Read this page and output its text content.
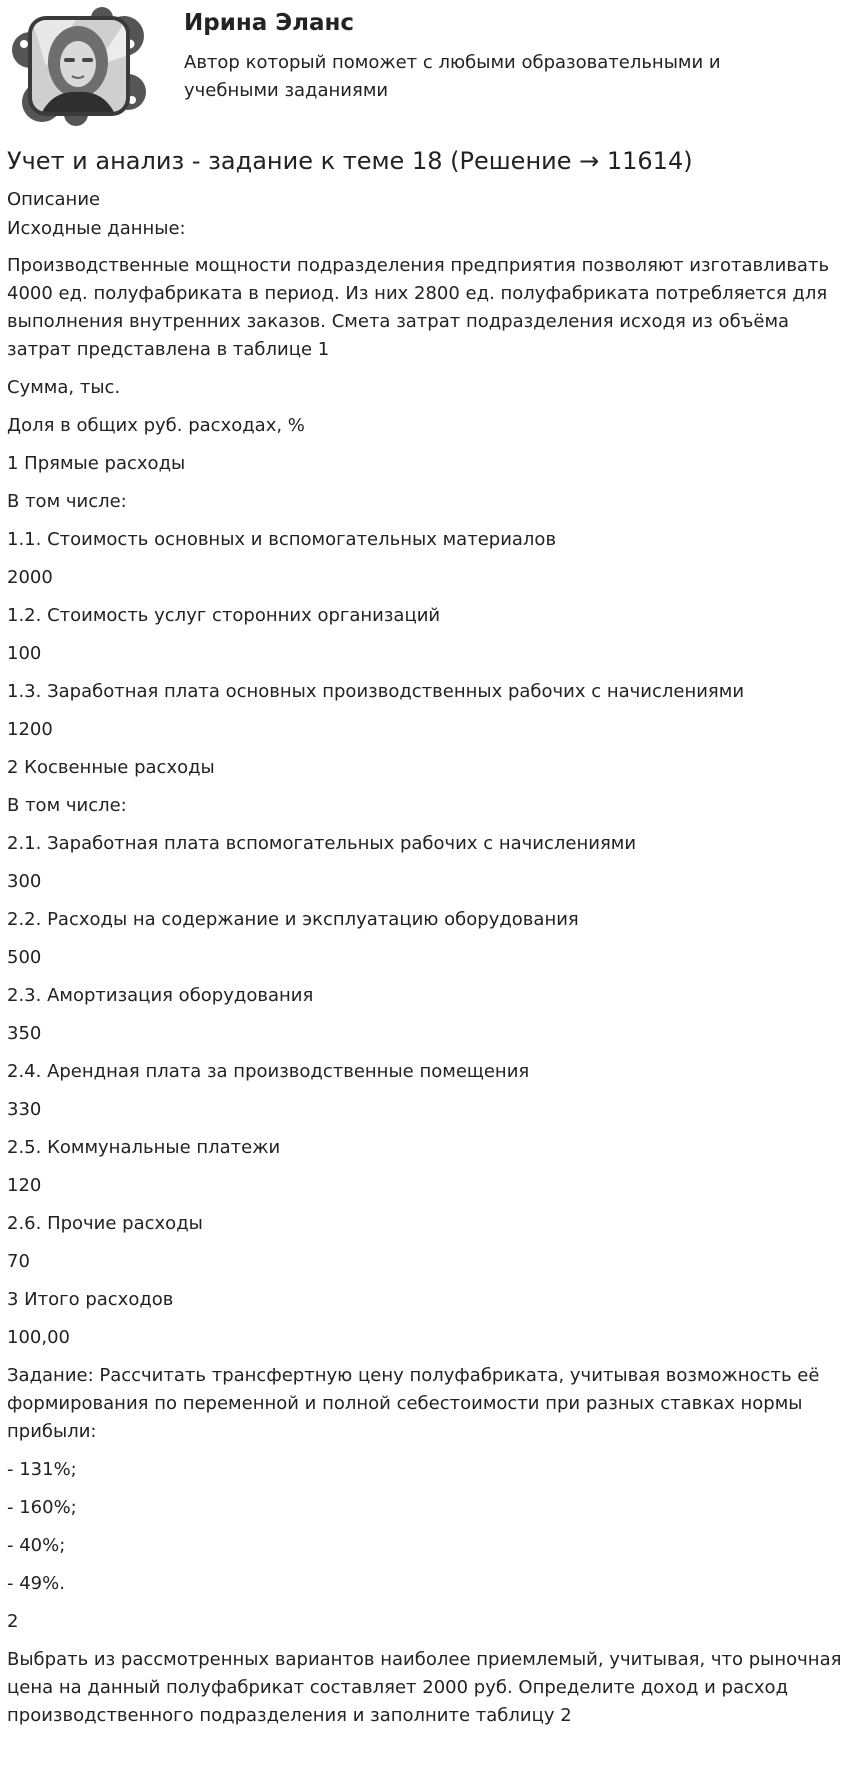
Ирина Эланс

Автор который поможет с любыми образовательными и учебными заданиями

Учет и анализ - задание к теме 18 (Решение → 11614)
Описание
Исходные данные:

Производственные мощности подразделения предприятия позволяют изготавливать 4000 ед. полуфабриката в период. Из них 2800 ед. полуфабриката потребляется для выполнения внутренних заказов. Смета затрат подразделения исходя из объёма затрат представлена в таблице 1

Сумма, тыс.

Доля в общих руб. расходах, %

1 Прямые расходы

В том числе:

1.1. Стоимость основных и вспомогательных материалов

2000

1.2. Стоимость услуг сторонних организаций

100

1.3. Заработная плата основных производственных рабочих с начислениями

1200

2 Косвенные расходы

В том числе:

2.1. Заработная плата вспомогательных рабочих с начислениями

300

2.2. Расходы на содержание и эксплуатацию оборудования

500

2.3. Амортизация оборудования

350

2.4. Арендная плата за производственные помещения

330

2.5. Коммунальные платежи

120

2.6. Прочие расходы

70

3 Итого расходов

100,00

Задание: Рассчитать трансфертную цену полуфабриката, учитывая возможность её формирования по переменной и полной себестоимости при разных ставках нормы прибыли:

- 131%;

- 160%;

- 40%;

- 49%.

2

Выбрать из рассмотренных вариантов наиболее приемлемый, учитывая, что рыночная цена на данный полуфабрикат составляет 2000 руб. Определите доход и расход производственного подразделения и заполните таблицу 2
